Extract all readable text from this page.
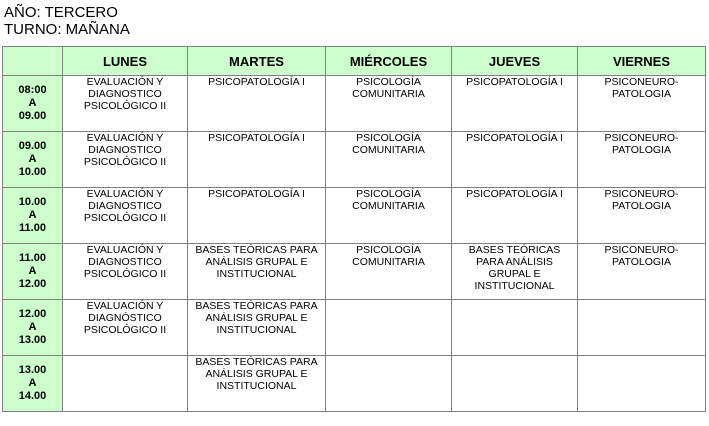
AÑO: TERCERO
TURNO: MAÑANA
	LUNES	MARTES	MIÉRCOLES	JUEVES	VIERNES

08:00
A
09.00	EVALUACIÓN Y
DIAGNOSTICO
PSICOLÓGICO II	PSICOPATOLOGÍA I	PSICOLOGÍA
COMUNITARIA	PSICOPATOLOGÍA I	PSICONEURO-
PATOLOGIA

09.00
A
10.00	EVALUACIÓN Y
DIAGNOSTICO
PSICOLÓGICO II	PSICOPATOLOGÍA I	PSICOLOGÍA
COMUNITARIA	PSICOPATOLOGÍA I	PSICONEURO-
PATOLOGIA

10.00
A
11.00	EVALUACIÓN Y
DIAGNOSTICO
PSICOLÓGICO II	PSICOPATOLOGÍA I	PSICOLOGÍA
COMUNITARIA	PSICOPATOLOGÍA I	PSICONEURO-
PATOLOGIA

11.00
A
12.00	EVALUACIÓN Y
DIAGNOSTICO
PSICOLÓGICO II	BASES TEÓRICAS PARA
ANÁLISIS GRUPAL E
INSTITUCIONAL	PSICOLOGÍA
COMUNITARIA	BASES TEÓRICAS
PARA ANÁLISIS
GRUPAL E
INSTITUCIONAL	PSICONEURO-
PATOLOGIA

12.00
A
13.00	EVALUACIÓN Y
DIAGNÓSTICO
PSICOLÓGICO II	BASES TEÓRICAS PARA
ANÁLISIS GRUPAL E
INSTITUCIONAL			

13.00
A
14.00		BASES TEÓRICAS PARA
ANÁLISIS GRUPAL E
INSTITUCIONAL			
